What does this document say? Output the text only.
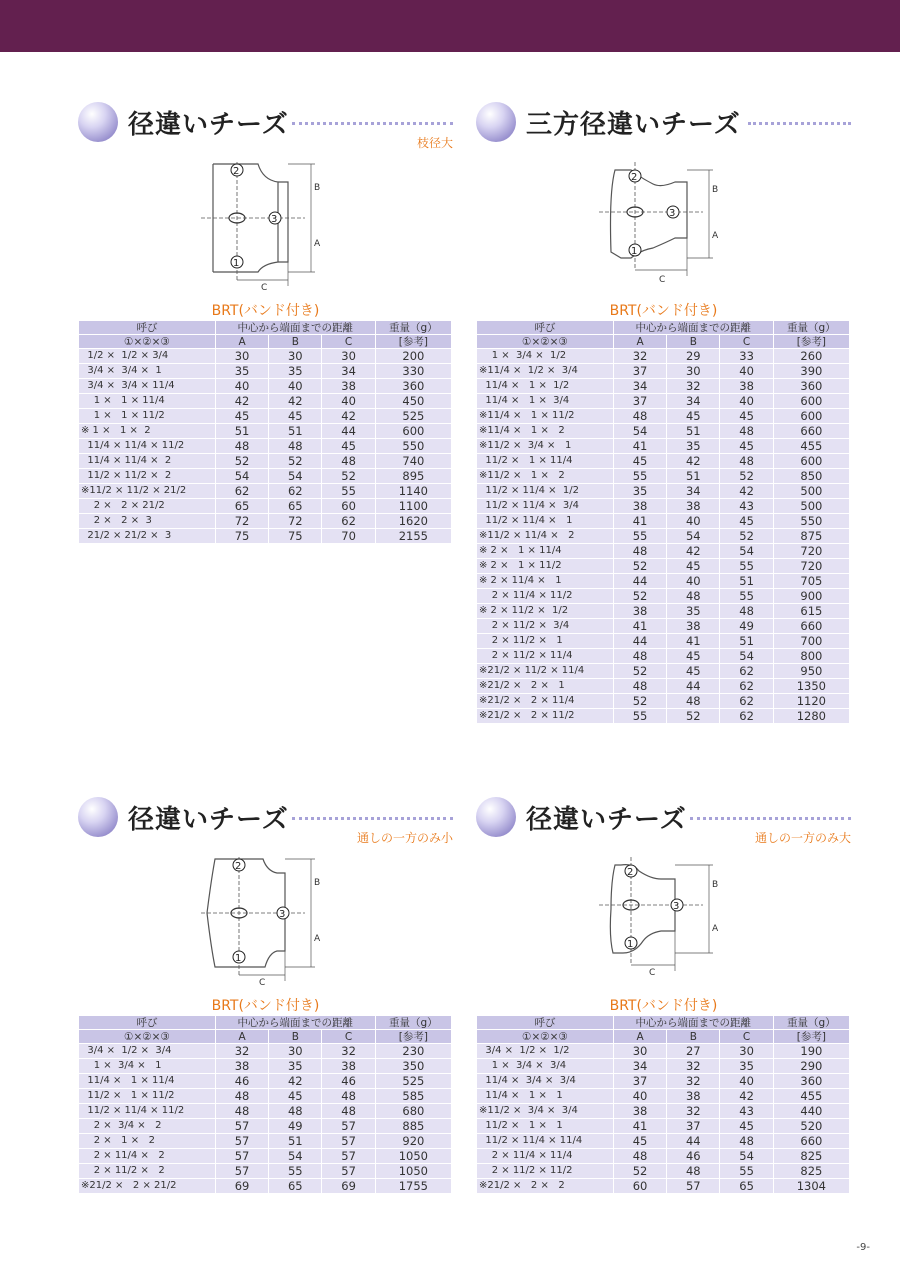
径違いチーズ
枝径大
B
A
C
2
3
1
BRT(バンド付き)
呼び	中心から端面までの距離			重量（g）
①×②×③	A	B	C	[参考]
1/2 ×  1/2 × 3/4	30	30	30	200
3/4 ×  3/4 ×  1	35	35	34	330
3/4 ×  3/4 × 11/4	40	40	38	360
1 ×   1 × 11/4	42	42	40	450
1 ×   1 × 11/2	45	45	42	525
※ 1 ×   1 ×  2	51	51	44	600
11/4 × 11/4 × 11/2	48	48	45	550
11/4 × 11/4 ×  2	52	52	48	740
11/2 × 11/2 ×  2	54	54	52	895
※11/2 × 11/2 × 21/2	62	62	55	1140
2 ×   2 × 21/2	65	65	60	1100
2 ×   2 ×  3	72	72	62	1620
21/2 × 21/2 ×  3	75	75	70	2155
三方径違いチーズ
B
A
C
2
3
1
BRT(バンド付き)
呼び	中心から端面までの距離			重量（g）
①×②×③	A	B	C	[参考]
1 ×  3/4 ×  1/2	32	29	33	260
※11/4 ×  1/2 ×  3/4	37	30	40	390
11/4 ×   1 ×  1/2	34	32	38	360
11/4 ×   1 ×  3/4	37	34	40	600
※11/4 ×   1 × 11/2	48	45	45	600
※11/4 ×   1 ×   2	54	51	48	660
※11/2 ×  3/4 ×   1	41	35	45	455
11/2 ×   1 × 11/4	45	42	48	600
※11/2 ×   1 ×   2	55	51	52	850
11/2 × 11/4 ×  1/2	35	34	42	500
11/2 × 11/4 ×  3/4	38	38	43	500
11/2 × 11/4 ×   1	41	40	45	550
※11/2 × 11/4 ×   2	55	54	52	875
※ 2 ×   1 × 11/4	48	42	54	720
※ 2 ×   1 × 11/2	52	45	55	720
※ 2 × 11/4 ×   1	44	40	51	705
2 × 11/4 × 11/2	52	48	55	900
※ 2 × 11/2 ×  1/2	38	35	48	615
2 × 11/2 ×  3/4	41	38	49	660
2 × 11/2 ×   1	44	41	51	700
2 × 11/2 × 11/4	48	45	54	800
※21/2 × 11/2 × 11/4	52	45	62	950
※21/2 ×   2 ×   1	48	44	62	1350
※21/2 ×   2 × 11/4	52	48	62	1120
※21/2 ×   2 × 11/2	55	52	62	1280
径違いチーズ
通しの一方のみ小
B
A
C
2
3
1
BRT(バンド付き)
呼び	中心から端面までの距離			重量（g）
①×②×③	A	B	C	[参考]
3/4 ×  1/2 ×  3/4	32	30	32	230
1 ×  3/4 ×   1	38	35	38	350
11/4 ×   1 × 11/4	46	42	46	525
11/2 ×   1 × 11/2	48	45	48	585
11/2 × 11/4 × 11/2	48	48	48	680
2 ×  3/4 ×   2	57	49	57	885
2 ×   1 ×   2	57	51	57	920
2 × 11/4 ×   2	57	54	57	1050
2 × 11/2 ×   2	57	55	57	1050
※21/2 ×   2 × 21/2	69	65	69	1755
径違いチーズ
通しの一方のみ大
B
A
C
2
3
1
BRT(バンド付き)
呼び	中心から端面までの距離			重量（g）
①×②×③	A	B	C	[参考]
3/4 ×  1/2 ×  1/2	30	27	30	190
1 ×  3/4 ×  3/4	34	32	35	290
11/4 ×  3/4 ×  3/4	37	32	40	360
11/4 ×   1 ×   1	40	38	42	455
※11/2 ×  3/4 ×  3/4	38	32	43	440
11/2 ×   1 ×   1	41	37	45	520
11/2 × 11/4 × 11/4	45	44	48	660
2 × 11/4 × 11/4	48	46	54	825
2 × 11/2 × 11/2	52	48	55	825
※21/2 ×   2 ×   2	60	57	65	1304
-9-
